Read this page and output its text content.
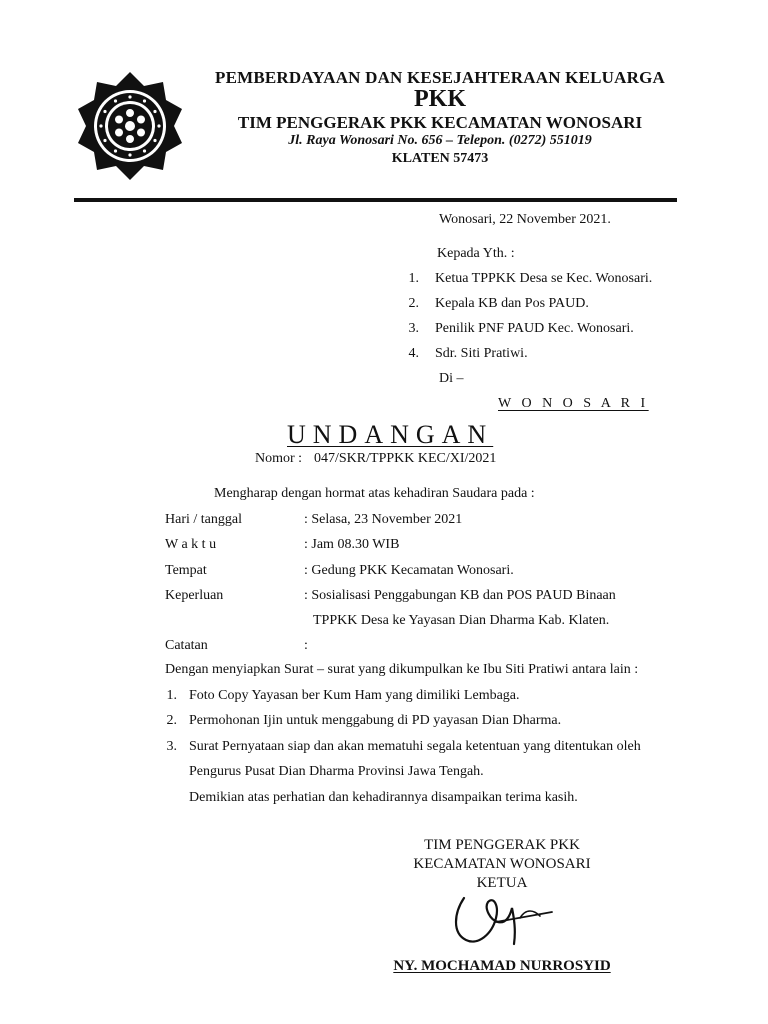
PEMBERDAYAAN DAN KESEJAHTERAAN KELUARGA
PKK
TIM PENGGERAK PKK KECAMATAN WONOSARI
Jl. Raya Wonosari No. 656 – Telepon. (0272) 551019
KLATEN 57473
Wonosari, 22 November 2021.
Kepada Yth. :
1. Ketua TPPKK Desa se Kec. Wonosari.
2. Kepala KB dan Pos PAUD.
3. Penilik PNF PAUD Kec. Wonosari.
4. Sdr. Siti Pratiwi.
Di –
W O N O S A R I
UNDANGAN
Nomor : 047/SKR/TPPKK KEC/XI/2021
Mengharap dengan hormat atas kehadiran Saudara pada :
Hari / tanggal	: Selasa, 23 November 2021
W a k t u	: Jam 08.30 WIB
Tempat	: Gedung PKK Kecamatan Wonosari.
Keperluan	: Sosialisasi Penggabungan KB dan POS PAUD Binaan
TPPKK Desa ke Yayasan Dian Dharma Kab. Klaten.
Catatan	:
Dengan menyiapkan Surat – surat yang dikumpulkan ke Ibu Siti Pratiwi antara lain :
1. Foto Copy Yayasan ber Kum Ham yang dimiliki Lembaga.
2. Permohonan Ijin untuk menggabung di PD yayasan Dian Dharma.
3. Surat Pernyataan siap dan akan mematuhi segala ketentuan yang ditentukan oleh
Pengurus Pusat Dian Dharma Provinsi Jawa Tengah.
Demikian atas perhatian dan kehadirannya disampaikan terima kasih.
TIM PENGGERAK PKK
KECAMATAN WONOSARI
KETUA
NY. MOCHAMAD NURROSYID
